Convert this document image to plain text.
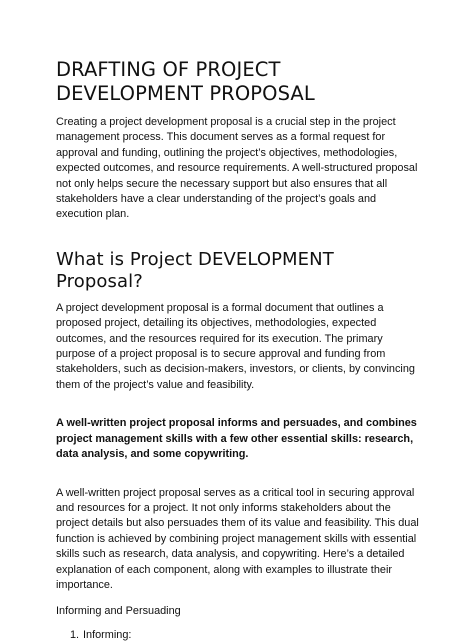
DRAFTING OF PROJECT DEVELOPMENT PROPOSAL

Creating a project development proposal is a crucial step in the project management process. This document serves as a formal request for approval and funding, outlining the project’s objectives, methodologies, expected outcomes, and resource requirements. A well-structured proposal not only helps secure the necessary support but also ensures that all stakeholders have a clear understanding of the project’s goals and execution plan.

What is Project DEVELOPMENT Proposal?

A project development proposal is a formal document that outlines a proposed project, detailing its objectives, methodologies, expected outcomes, and the resources required for its execution. The primary purpose of a project proposal is to secure approval and funding from stakeholders, such as decision-makers, investors, or clients, by convincing them of the project’s value and feasibility.

A well-written project proposal informs and persuades, and combines project management skills with a few other essential skills: research, data analysis, and some copywriting.

A well-written project proposal serves as a critical tool in securing approval and resources for a project. It not only informs stakeholders about the project details but also persuades them of its value and feasibility. This dual function is achieved by combining project management skills with essential skills such as research, data analysis, and copywriting. Here’s a detailed explanation of each component, along with examples to illustrate their importance.

Informing and Persuading

1. Informing:
